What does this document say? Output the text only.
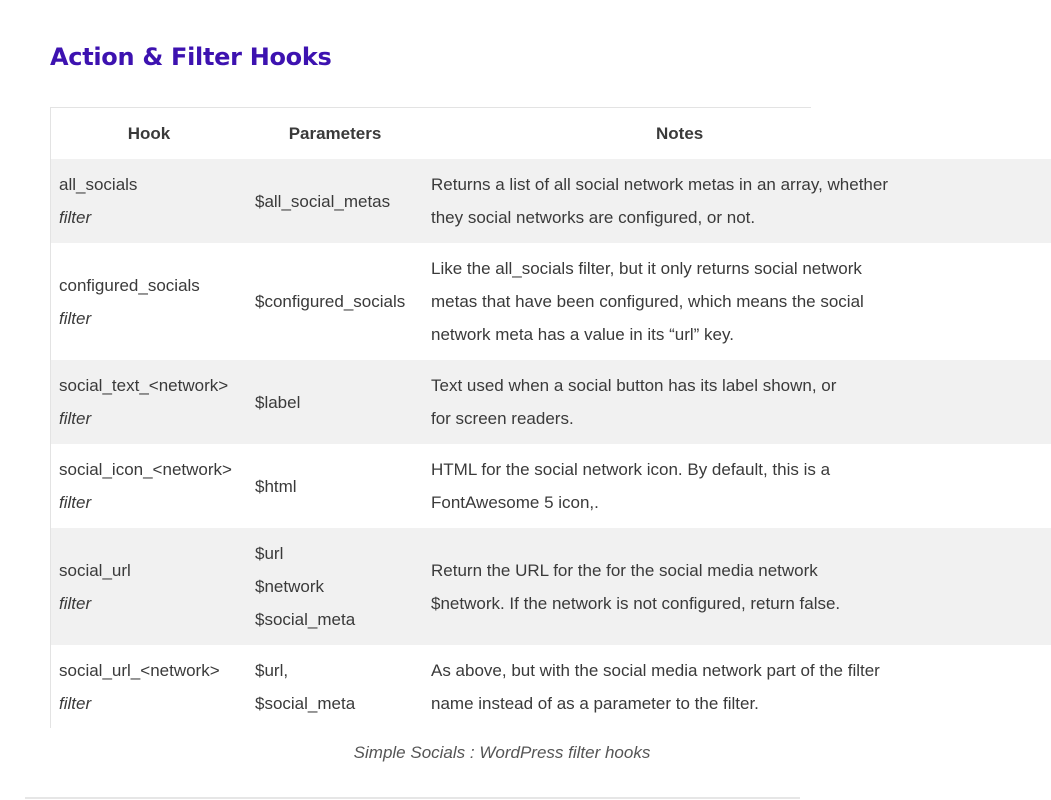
Action & Filter Hooks
Hook	Parameters	Notes

all_socials
filter	$all_social_metas	Returns a list of all social network metas in an array, whether
they social networks are configured, or not.

configured_socials
filter	$configured_socials	Like the all_socials filter, but it only returns social network
metas that have been configured, which means the social
network meta has a value in its “url” key.

social_text_<network>
filter	$label	Text used when a social button has its label shown, or
for screen readers.

social_icon_<network>
filter	$html	HTML for the social network icon. By default, this is a
FontAwesome 5 icon,.

social_url
filter	$url
$network
$social_meta	Return the URL for the for the social media network
$network. If the network is not configured, return false.

social_url_<network>
filter	$url,
$social_meta	As above, but with the social media network part of the filter
name instead of as a parameter to the filter.
Simple Socials : WordPress filter hooks
